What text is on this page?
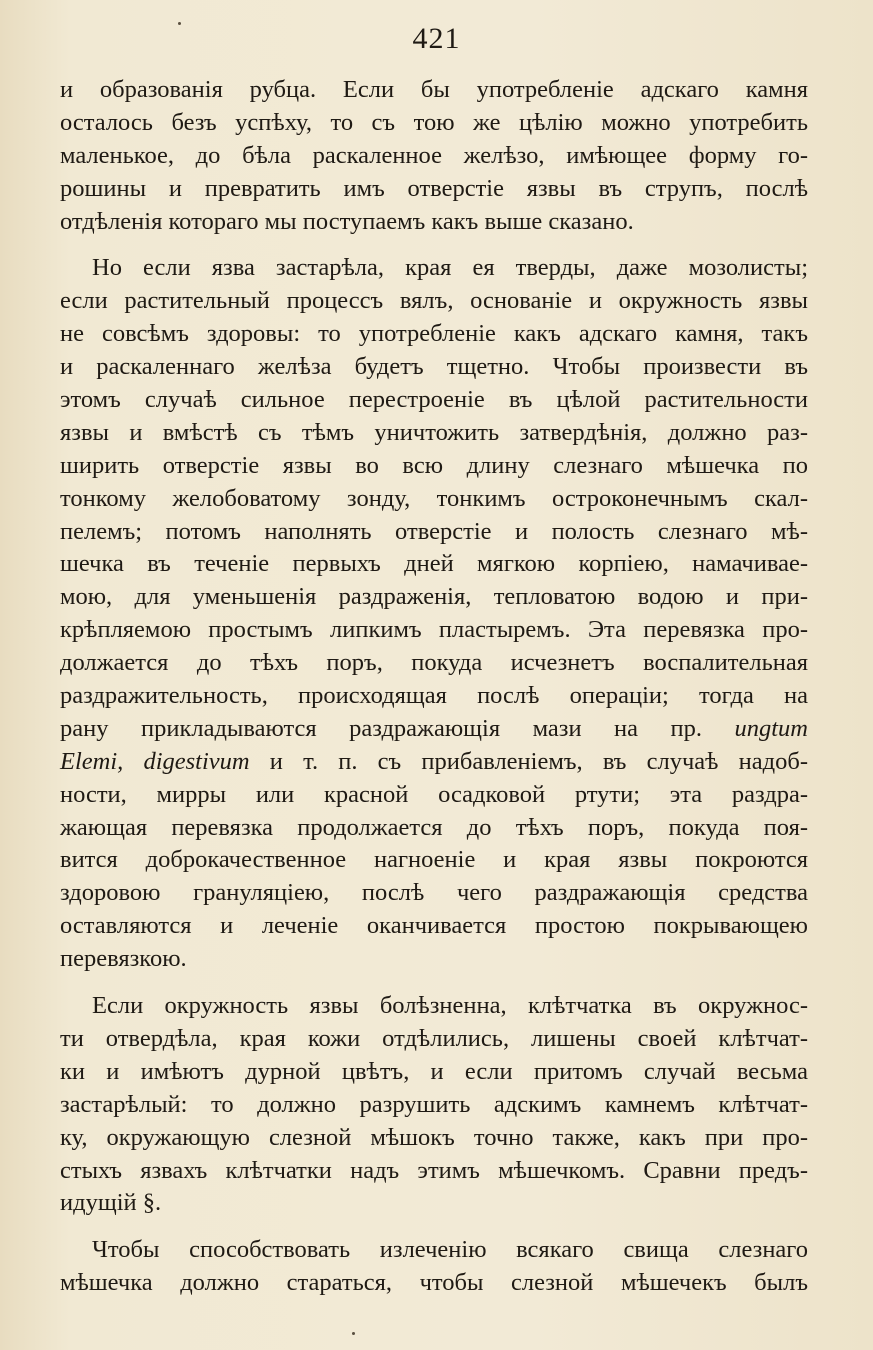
421
и образованія рубца. Если бы употребленіе адскаго камня
осталось безъ успѣху, то съ тою же цѣлію можно употребить
маленькое, до бѣла раскаленное желѣзо, имѣющее форму го-
рошины и превратить имъ отверстіе язвы въ струпъ, послѣ
отдѣленія котораго мы поступаемъ какъ выше сказано.
Но если язва застарѣла, края ея тверды, даже мозолисты;
если растительный процессъ вялъ, основаніе и окружность язвы
не совсѣмъ здоровы: то употребленіе какъ адскаго камня, такъ
и раскаленнаго желѣза будетъ тщетно. Чтобы произвести въ
этомъ случаѣ сильное перестроеніе въ цѣлой растительности
язвы и вмѣстѣ съ тѣмъ уничтожить затвердѣнія, должно раз-
ширить отверстіе язвы во всю длину слезнаго мѣшечка по
тонкому желобоватому зонду, тонкимъ остроконечнымъ скал-
пелемъ; потомъ наполнять отверстіе и полость слезнаго мѣ-
шечка въ теченіе первыхъ дней мягкою корпіею, намачивае-
мою, для уменьшенія раздраженія, тепловатою водою и при-
крѣпляемою простымъ липкимъ пластыремъ. Эта перевязка про-
должается до тѣхъ поръ, покуда исчезнетъ воспалительная
раздражительность, происходящая послѣ операціи; тогда на
рану прикладываются раздражающія мази на пр. ungtum
Elemi, digestivum и т. п. съ прибавленіемъ, въ случаѣ надоб-
ности, мирры или красной осадковой ртути; эта раздра-
жающая перевязка продолжается до тѣхъ поръ, покуда поя-
вится доброкачественное нагноеніе и края язвы покроются
здоровою грануляціею, послѣ чего раздражающія средства
оставляются и леченіе оканчивается простою покрывающею
перевязкою.
Если окружность язвы болѣзненна, клѣтчатка въ окружнос-
ти отвердѣла, края кожи отдѣлились, лишены своей клѣтчат-
ки и имѣютъ дурной цвѣтъ, и если притомъ случай весьма
застарѣлый: то должно разрушить адскимъ камнемъ клѣтчат-
ку, окружающую слезной мѣшокъ точно также, какъ при про-
стыхъ язвахъ клѣтчатки надъ этимъ мѣшечкомъ. Сравни предъ-
идущій §.
Чтобы способствовать излеченію всякаго свища слезнаго
мѣшечка должно стараться, чтобы слезной мѣшечекъ былъ
